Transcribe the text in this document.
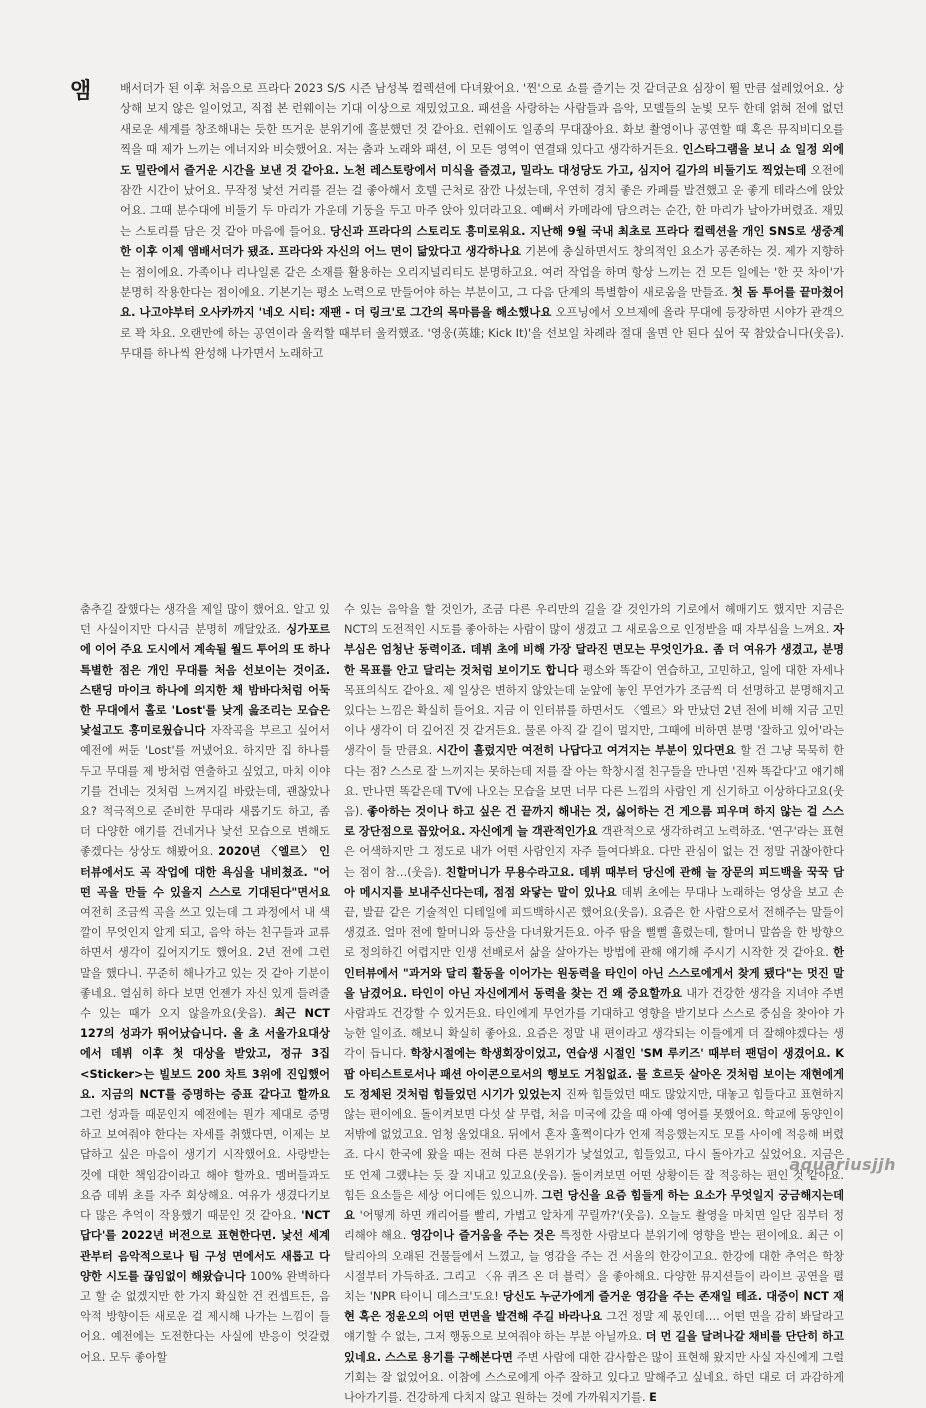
앰 배서더가 된 이후 처음으로 프라다 2023 S/S 시즌 남성복 컬렉션에 다녀왔어요. '찐'으로 쇼를 즐기는 것 같더군요 심장이 뛸 만큼 설레었어요. 상상해 보지 않은 일이었고, 직접 본 런웨이는 기대 이상으로 재밌었고요. 패션을 사랑하는 사람들과 음악, 모델들의 눈빛 모두 한데 얽혀 전에 없던 새로운 세계를 창조해내는 듯한 뜨거운 분위기에 홀분했던 것 같아요. 런웨이도 일종의 무대잖아요. 화보 촬영이나 공연할 때 혹은 뮤직비디오를 찍을 때 제가 느끼는 에너지와 비슷했어요. 저는 춤과 노래와 패션, 이 모든 영역이 연결돼 있다고 생각하거든요. 인스타그램을 보니 쇼 일정 외에도 밀란에서 즐거운 시간을 보낸 것 같아요. 노천 레스토랑에서 미식을 즐겼고, 밀라노 대성당도 가고, 심지어 길가의 비둘기도 찍었는데 오전에 잠깐 시간이 났어요. 무작정 낯선 거리를 걷는 걸 좋아해서 호텔 근처로 잠깐 나섰는데, 우연히 경치 좋은 카페를 발견했고 운 좋게 테라스에 앉았어요. 그때 분수대에 비둘기 두 마리가 가운데 기둥을 두고 마주 앉아 있더라고요. 예뻐서 카메라에 담으려는 순간, 한 마리가 날아가버렸죠. 재밌는 스토리를 담은 것 같아 마음에 들어요. 당신과 프라다의 스토리도 흥미로워요. 지난해 9월 국내 최초로 프라다 컬렉션을 개인 SNS로 생중계한 이후 이제 앰배서더가 됐죠. 프라다와 자신의 어느 면이 닮았다고 생각하나요 기본에 충실하면서도 창의적인 요소가 공존하는 것. 제가 지향하는 점이에요. 가족이나 리나일론 같은 소재를 활용하는 오리지널리티도 분명하고요. 여러 작업을 하며 항상 느끼는 건 모든 일에는 '한 끗 차이'가 분명히 작용한다는 점이에요. 기본기는 평소 노력으로 만들어야 하는 부분이고, 그 다음 단계의 특별함이 새로움을 만들죠. 첫 돔 투어를 끝마쳤어요. 나고야부터 오사카까지 '네오 시티: 재팬 - 더 링크'로 그간의 목마름을 해소했나요 오프닝에서 오브제에 올라 무대에 등장하면 시야가 관객으로 꽉 차요. 오랜만에 하는 공연이라 울컥할 때부터 울컥했죠. '영웅(英雄; Kick It)'을 선보일 차례라 절대 울면 안 된다 싶어 꾹 참았습니다(웃음). 무대를 하나씩 완성해 나가면서 노래하고

춤추길 잘했다는 생각을 제일 많이 했어요. 알고 있던 사실이지만 다시금 분명히 깨달았죠. 싱가포르에 이어 주요 도시에서 계속될 월드 투어의 또 하나 특별한 점은 개인 무대를 처음 선보이는 것이죠. 스탠딩 마이크 하나에 의지한 채 밤바다처럼 어둑한 무대에서 홀로 'Lost'를 낮게 읊조리는 모습은 낯설고도 흥미로웠습니다 자작곡을 부르고 싶어서 예전에 써둔 'Lost'를 꺼냈어요. 하지만 집 하나를 두고 무대를 제 방처럼 연출하고 싶었고, 마치 이야기를 건네는 것처럼 느껴지길 바랐는데, 괜찮았나요? 적극적으로 준비한 무대라 새롭기도 하고, 좀 더 다양한 얘기를 건네거나 낯선 모습으로 변해도 좋겠다는 상상도 해봤어요. 2020년 〈엘르〉 인터뷰에서도 곡 작업에 대한 욕심을 내비쳤죠. "어떤 곡을 만들 수 있을지 스스로 기대된다"면서요 여전히 조금씩 곡을 쓰고 있는데 그 과정에서 내 색깔이 무엇인지 알게 되고, 음악 하는 친구들과 교류하면서 생각이 깊어지기도 했어요. 2년 전에 그런 말을 했다니. 꾸준히 해나가고 있는 것 같아 기분이 좋네요. 열심히 하다 보면 언젠가 자신 있게 들려줄 수 있는 때가 오지 않을까요(웃음). 최근 NCT 127의 성과가 뛰어났습니다. 올 초 서울가요대상에서 데뷔 이후 첫 대상을 받았고, 정규 3집 <Sticker>는 빌보드 200 차트 3위에 진입했어요. 지금의 NCT를 증명하는 증표 같다고 할까요 그런 성과들 때문인지 예전에는 뭔가 제대로 증명하고 보여줘야 한다는 자세를 취했다면, 이제는 보답하고 싶은 마음이 생기기 시작했어요. 사랑받는 것에 대한 책임감이라고 해야 할까요. 멤버들과도 요즘 데뷔 초를 자주 회상해요. 여유가 생겼다기보다 많은 추억이 작용했기 때문인 것 같아요. 'NCT답다'를 2022년 버전으로 표현한다면. 낯선 세계관부터 음악적으로나 팀 구성 면에서도 새롭고 다양한 시도를 끊임없이 해왔습니다 100% 완벽하다고 할 순 없겠지만 한 가지 확실한 건 컨셉트든, 음악적 방향이든 새로운 걸 제시해 나가는 느낌이 들어요. 예전에는 도전한다는 사실에 반응이 엇갈렸어요. 모두 좋아할

수 있는 음악을 할 것인가, 조금 다른 우리만의 길을 갈 것인가의 기로에서 헤매기도 했지만 지금은 NCT의 도전적인 시도를 좋아하는 사람이 많이 생겼고 그 새로움으로 인정받을 때 자부심을 느껴요. 자부심은 엄청난 동력이죠. 데뷔 초에 비해 가장 달라진 면모는 무엇인가요. 좀 더 여유가 생겼고, 분명한 목표를 안고 달리는 것처럼 보이기도 합니다 평소와 똑같이 연습하고, 고민하고, 일에 대한 자세나 목표의식도 같아요. 제 일상은 변하지 않았는데 눈앞에 놓인 무언가가 조금씩 더 선명하고 분명해지고 있다는 느낌은 확실히 들어요. 지금 이 인터뷰를 하면서도 〈엘르〉와 만났던 2년 전에 비해 지금 고민이나 생각이 더 깊어진 것 같거든요. 물론 아직 갈 길이 멀지만, 그때에 비하면 분명 '잘하고 있어'라는 생각이 들 만큼요. 시간이 흘렀지만 여전히 나답다고 여겨지는 부분이 있다면요 할 건 그냥 묵묵히 한다는 점? 스스로 잘 느끼지는 못하는데 저를 잘 아는 학창시절 친구들을 만나면 '진짜 똑같다'고 얘기해요. 만나면 똑같은데 TV에 나오는 모습을 보면 너무 다른 느낌의 사람인 게 신기하고 이상하다고요(웃음). 좋아하는 것이나 하고 싶은 건 끝까지 해내는 것, 싫어하는 건 게으름 피우며 하지 않는 걸 스스로 장단점으로 꼽았어요. 자신에게 늘 객관적인가요 객관적으로 생각하려고 노력하죠. '연구'라는 표현은 어색하지만 그 정도로 내가 어떤 사람인지 자주 들여다봐요. 다만 관심이 없는 건 정말 귀찮아한다는 점이 참…(웃음). 친할머니가 무용수라고요. 데뷔 때부터 당신에 관해 늘 장문의 피드백을 꾹꾹 담아 메시지를 보내주신다는데, 점점 와닿는 말이 있나요 데뷔 초에는 무대나 노래하는 영상을 보고 손끝, 발끝 같은 기술적인 디테일에 피드백하시곤 했어요(웃음). 요즘은 한 사람으로서 전해주는 말들이 생겼죠. 얼마 전에 할머니와 등산을 다녀왔거든요. 아주 땀을 뻘뻘 흘렸는데, 할머니 말씀을 한 방향으로 정의하긴 어렵지만 인생 선배로서 삶을 살아가는 방법에 관해 얘기해 주시기 시작한 것 같아요. 한 인터뷰에서 "과거와 달리 활동을 이어가는 원동력을 타인이 아닌 스스로에게서 찾게 됐다"는 멋진 말을 남겼어요. 타인이 아닌 자신에게서 동력을 찾는 건 왜 중요할까요 내가 건강한 생각을 지녀야 주변 사람과도 건강할 수 있거든요. 타인에게 무언가를 기대하고 영향을 받기보다 스스로 중심을 찾아야 가능한 일이죠. 해보니 확실히 좋아요. 요즘은 정말 내 편이라고 생각되는 이들에게 더 잘해야겠다는 생각이 듭니다. 학창시절에는 학생회장이었고, 연습생 시절인 'SM 루키즈' 때부터 팬덤이 생겼어요. K팝 아티스트로서나 패션 아이콘으로서의 행보도 거침없죠. 물 흐르듯 살아온 것처럼 보이는 재현에게도 정체된 것처럼 힘들었던 시기가 있었는지 진짜 힘들었던 때도 많았지만, 대놓고 힘들다고 표현하지 않는 편이에요. 돌이켜보면 다섯 살 무렵, 처음 미국에 갔을 때 아예 영어를 못했어요. 학교에 동양인이 저밖에 없었고요. 엄청 울었대요. 뒤에서 혼자 훌쩍이다가 언제 적응했는지도 모를 사이에 적응해 버렸죠. 다시 한국에 왔을 때는 전혀 다른 분위기가 낯설었고, 힘들었고, 다시 돌아가고 싶었어요. 지금은 또 언제 그랬냐는 듯 잘 지내고 있고요(웃음). 돌이켜보면 어떤 상황이든 잘 적응하는 편인 것 같아요. 힘든 요소들은 세상 어디에든 있으니까. 그런 당신을 요즘 힘들게 하는 요소가 무엇일지 궁금해지는데요 '어떻게 하면 캐리어를 빨리, 가볍고 알차게 꾸릴까?'(웃음). 오늘도 촬영을 마치면 일단 짐부터 정리해야 해요. 영감이나 즐거움을 주는 것은 특정한 사람보다 분위기에 영향을 받는 편이에요. 최근 이탈리아의 오래된 건물들에서 느꼈고, 늘 영감을 주는 건 서울의 한강이고요. 한강에 대한 추억은 학창시절부터 가득하죠. 그리고 〈유 퀴즈 온 더 블럭〉을 좋아해요. 다양한 뮤지션들이 라이브 공연을 펼치는 'NPR 타이니 데스크'도요! 당신도 누군가에게 즐거운 영감을 주는 존재일 테죠. 대중이 NCT 재현 혹은 정윤오의 어떤 면면을 발견해 주길 바라나요 그건 정말 제 몫인데…. 어떤 면을 감히 봐달라고 얘기할 수 없는, 그저 행동으로 보여줘야 하는 부분 아닐까요. 더 먼 길을 달려나갈 채비를 단단히 하고 있네요. 스스로 용기를 구해본다면 주변 사람에 대한 감사함은 많이 표현해 왔지만 사실 자신에게 그럴 기회는 잘 없었어요. 이참에 스스로에게 아주 잘하고 있다고 말해주고 싶네요. 하던 대로 더 과감하게 나아가기를. 건강하게 다치지 않고 원하는 것에 가까워지기를. E

aquariusjjh
